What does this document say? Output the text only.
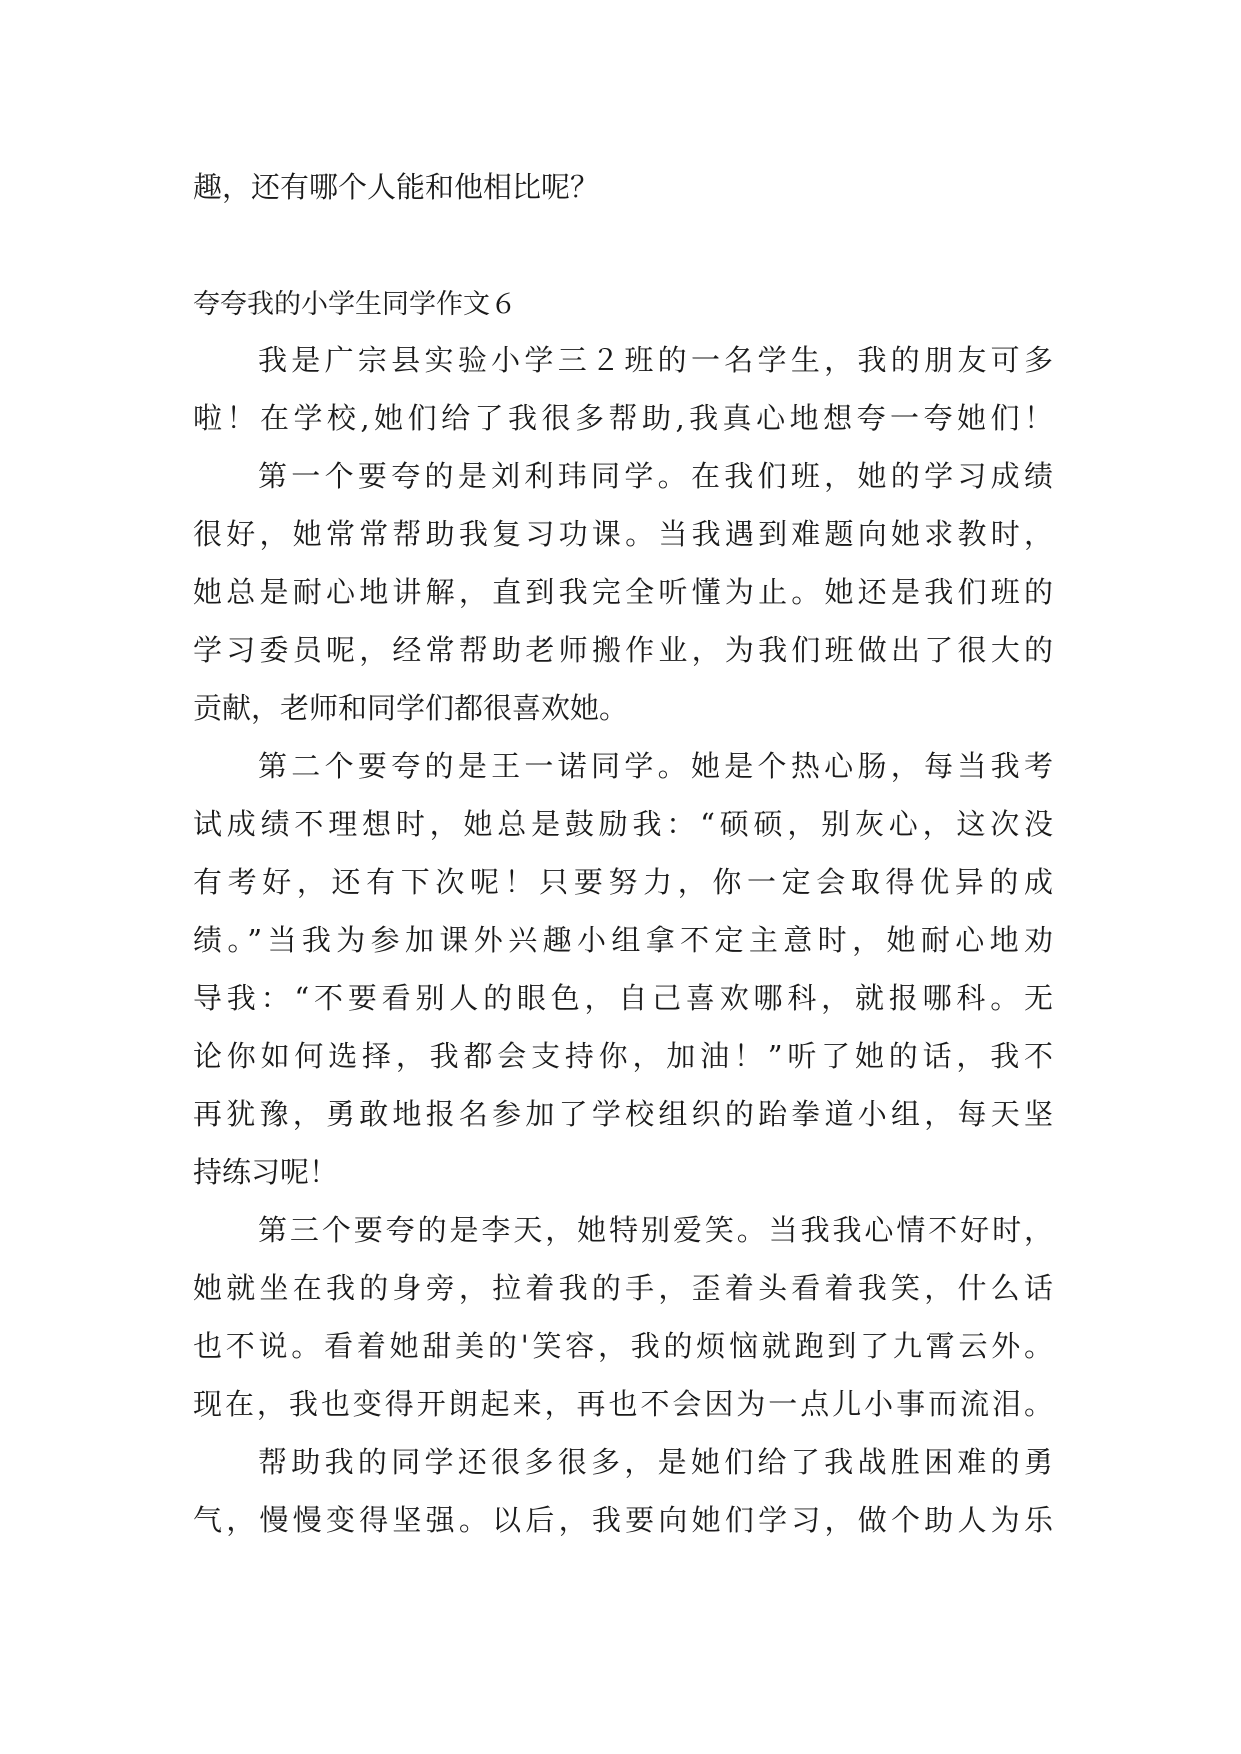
趣，还有哪个人能和他相比呢？
夸夸我的小学生同学作文６
我是广宗县实验小学三２班的一名学生，我的朋友可多
啦！在学校,她们给了我很多帮助,我真心地想夸一夸她们！
第一个要夸的是刘利玮同学。在我们班，她的学习成绩
很好，她常常帮助我复习功课。当我遇到难题向她求教时，
她总是耐心地讲解，直到我完全听懂为止。她还是我们班的
学习委员呢，经常帮助老师搬作业，为我们班做出了很大的
贡献，老师和同学们都很喜欢她。
第二个要夸的是王一诺同学。她是个热心肠，每当我考
试成绩不理想时，她总是鼓励我：“硕硕，别灰心，这次没
有考好，还有下次呢！只要努力，你一定会取得优异的成
绩。”当我为参加课外兴趣小组拿不定主意时，她耐心地劝
导我：“不要看别人的眼色，自己喜欢哪科，就报哪科。无
论你如何选择，我都会支持你，加油！”听了她的话，我不
再犹豫，勇敢地报名参加了学校组织的跆拳道小组，每天坚
持练习呢！
第三个要夸的是李天，她特别爱笑。当我我心情不好时，
她就坐在我的身旁，拉着我的手，歪着头看着我笑，什么话
也不说。看着她甜美的'笑容，我的烦恼就跑到了九霄云外。
现在，我也变得开朗起来，再也不会因为一点儿小事而流泪。
帮助我的同学还很多很多，是她们给了我战胜困难的勇
气，慢慢变得坚强。以后，我要向她们学习，做个助人为乐
